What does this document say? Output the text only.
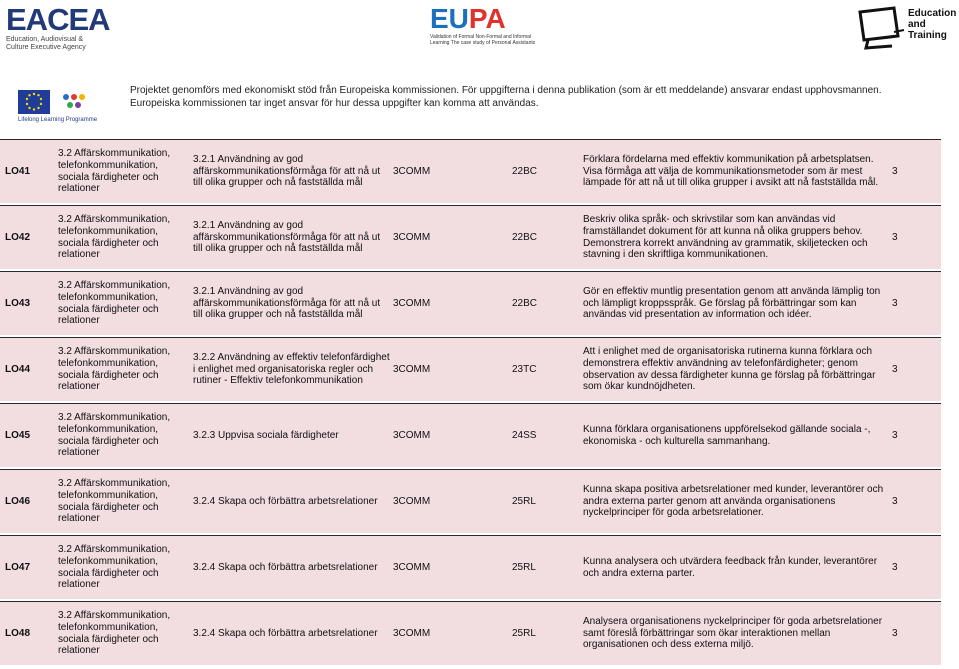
EACEA
Education, Audiovisual & Culture Executive Agency
EUPA
Validation of Formal Non-Formal and Informal Learning The case study of Personal Assistants
Education and Training
Lifelong Learning Programme
Projektet genomförs med ekonomiskt stöd från Europeiska kommissionen. För uppgifterna i denna publikation (som är ett meddelande) ansvarar endast upphovsmannen. Europeiska kommissionen tar inget ansvar för hur dessa uppgifter kan komma att användas.
LO41
3.2 Affärskommunikation, telefonkommunikation, sociala färdigheter och relationer
3.2.1 Användning av god affärskommunikationsförmåga för att nå ut till olika grupper och nå fastställda mål
3COMM	22BC
Förklara fördelarna med effektiv kommunikation på arbetsplatsen. Visa förmåga att välja de kommunikationsmetoder som är mest lämpade för att nå ut till olika grupper i avsikt att nå fastställda mål.
3
LO42
3.2 Affärskommunikation, telefonkommunikation, sociala färdigheter och relationer
3.2.1 Användning av god affärskommunikationsförmåga för att nå ut till olika grupper och nå fastställda mål
3COMM	22BC
Beskriv olika språk- och skrivstilar som kan användas vid framställandet dokument för att kunna nå olika gruppers behov. Demonstrera korrekt användning av grammatik, skiljetecken och stavning i den skriftliga kommunikationen.
3
LO43
3.2 Affärskommunikation, telefonkommunikation, sociala färdigheter och relationer
3.2.1 Användning av god affärskommunikationsförmåga för att nå ut till olika grupper och nå fastställda mål
3COMM	22BC
Gör en effektiv muntlig presentation genom att använda lämplig ton och lämpligt kroppsspråk. Ge förslag på förbättringar som kan användas vid presentation av information och idéer.
3
LO44
3.2 Affärskommunikation, telefonkommunikation, sociala färdigheter och relationer
3.2.2 Användning av effektiv telefonfärdighet i enlighet med organisatoriska regler och rutiner - Effektiv telefonkommunikation
3COMM	23TC
Att i enlighet med de organisatoriska rutinerna kunna förklara och demonstrera effektiv användning av telefonfärdigheter; genom observation av dessa färdigheter kunna ge förslag på förbättringar som ökar kundnöjdheten.
3
LO45
3.2 Affärskommunikation, telefonkommunikation, sociala färdigheter och relationer
3.2.3 Uppvisa sociala färdigheter	3COMM	24SS
Kunna förklara organisationens uppförelsekod gällande sociala -, ekonomiska - och kulturella sammanhang.
3
LO46
3.2 Affärskommunikation, telefonkommunikation, sociala färdigheter och relationer
3.2.4 Skapa och förbättra arbetsrelationer 3COMM	25RL
Kunna skapa positiva arbetsrelationer med kunder, leverantörer och andra externa parter genom att använda organisationens nyckelprinciper för goda arbetsrelationer.
3
LO47
3.2 Affärskommunikation, telefonkommunikation, sociala färdigheter och relationer
3.2.4 Skapa och förbättra arbetsrelationer 3COMM	25RL
Kunna analysera och utvärdera feedback från kunder, leverantörer och andra externa parter.
3
LO48
3.2 Affärskommunikation, telefonkommunikation, sociala färdigheter och relationer
3.2.4 Skapa och förbättra arbetsrelationer 3COMM	25RL
Analysera organisationens nyckelprinciper för goda arbetsrelationer samt föreslå förbättringar som ökar interaktionen mellan organisationen och dess externa miljö.
3
